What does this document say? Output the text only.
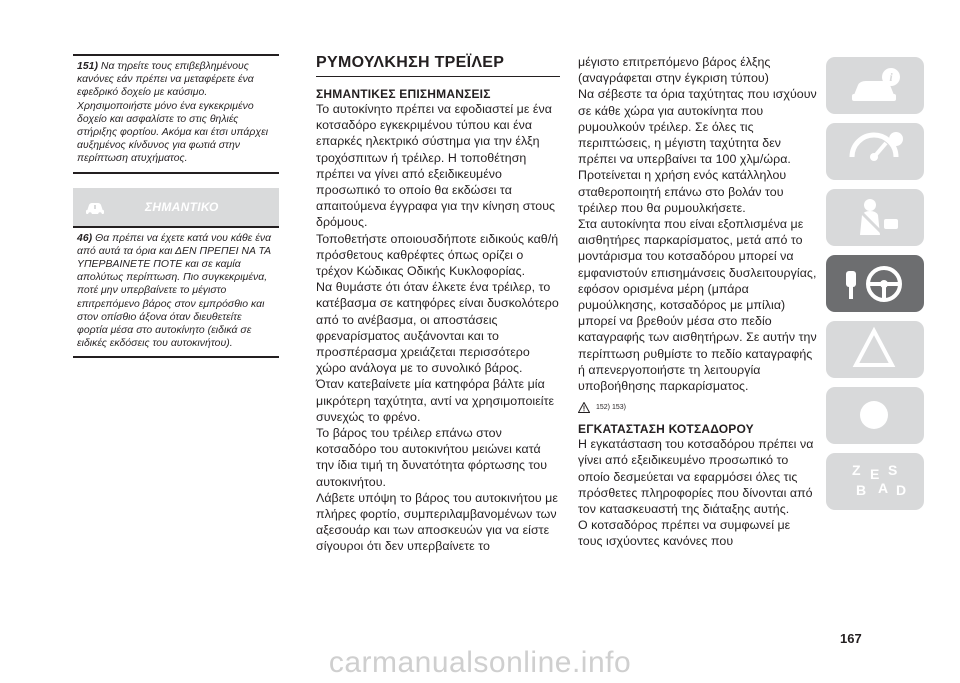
151) Να τηρείτε τους επιβεβλημένους κανόνες εάν πρέπει να μεταφέρετε ένα εφεδρικό δοχείο με καύσιμο. Χρησιμοποιήστε μόνο ένα εγκεκριμένο δοχείο και ασφαλίστε το στις θηλιές στήριξης φορτίου. Ακόμα και έτσι υπάρχει αυξημένος κίνδυνος για φωτιά στην περίπτωση ατυχήματος.
ΣΗΜΑΝΤΙΚΟ
46) Θα πρέπει να έχετε κατά νου κάθε ένα από αυτά τα όρια και ΔΕΝ ΠΡΕΠΕΙ ΝΑ ΤΑ ΥΠΕΡΒΑΙΝΕΤΕ ΠΟΤΕ και σε καμία απολύτως περίπτωση. Πιο συγκεκριμένα, ποτέ μην υπερβαίνετε το μέγιστο επιτρεπόμενο βάρος στον εμπρόσθιο και στον οπίσθιο άξονα όταν διευθετείτε φορτία μέσα στο αυτοκίνητο (ειδικά σε ειδικές εκδόσεις του αυτοκινήτου).
ΡΥΜΟΥΛΚΗΣΗ ΤΡΕΪΛΕΡ
ΣΗΜΑΝΤΙΚΕΣ ΕΠΙΣΗΜΑΝΣΕΙΣ

Το αυτοκίνητο πρέπει να εφοδιαστεί με ένα κοτσαδόρο εγκεκριμένου τύπου και ένα επαρκές ηλεκτρικό σύστημα για την έλξη τροχόσπιτων ή τρέιλερ. Η τοποθέτηση πρέπει να γίνει από εξειδικευμένο προσωπικό το οποίο θα εκδώσει τα απαιτούμενα έγγραφα για την κίνηση στους δρόμους.

Τοποθετήστε οποιουσδήποτε ειδικούς καθ/ή πρόσθετους καθρέφτες όπως ορίζει ο τρέχον Κώδικας Οδικής Κυκλοφορίας.

Να θυμάστε ότι όταν έλκετε ένα τρέιλερ, το κατέβασμα σε κατηφόρες είναι δυσκολότερο από το ανέβασμα, οι αποστάσεις φρεναρίσματος αυξάνονται και το προσπέρασμα χρειάζεται περισσότερο χώρο ανάλογα με το συνολικό βάρος.

Όταν κατεβαίνετε μία κατηφόρα βάλτε μία μικρότερη ταχύτητα, αντί να χρησιμοποιείτε συνεχώς το φρένο.

Το βάρος του τρέιλερ επάνω στον κοτσαδόρο του αυτοκινήτου μειώνει κατά την ίδια τιμή τη δυνατότητα φόρτωσης του αυτοκινήτου.

Λάβετε υπόψη το βάρος του αυτοκινήτου με πλήρες φορτίο, συμπεριλαμβανομένων των αξεσουάρ και των αποσκευών για να είστε σίγουροι ότι δεν υπερβαίνετε το

μέγιστο επιτρεπόμενο βάρος έλξης (αναγράφεται στην έγκριση τύπου)

Να σέβεστε τα όρια ταχύτητας που ισχύουν σε κάθε χώρα για αυτοκίνητα που ρυμουλκούν τρέιλερ. Σε όλες τις περιπτώσεις, η μέγιστη ταχύτητα δεν πρέπει να υπερβαίνει τα 100 χλμ/ώρα.

Προτείνεται η χρήση ενός κατάλληλου σταθεροποιητή επάνω στο βολάν του τρέιλερ που θα ρυμουλκήσετε.

Στα αυτοκίνητα που είναι εξοπλισμένα με αισθητήρες παρκαρίσματος, μετά από το μοντάρισμα του κοτσαδόρου μπορεί να εμφανιστούν επισημάνσεις δυσλειτουργίας, εφόσον ορισμένα μέρη (μπάρα ρυμούλκησης, κοτσαδόρος με μπίλια) μπορεί να βρεθούν μέσα στο πεδίο καταγραφής των αισθητήρων. Σε αυτήν την περίπτωση ρυθμίστε το πεδίο καταγραφής ή απενεργοποιήστε τη λειτουργία υποβοήθησης παρκαρίσματος.

152) 153)
ΕΓΚΑΤΑΣΤΑΣΗ ΚΟΤΣΑΔΟΡΟΥ

Η εγκατάσταση του κοτσαδόρου πρέπει να γίνει από εξειδικευμένο προσωπικό το οποίο δεσμεύεται να εφαρμόσει όλες τις πρόσθετες πληροφορίες που δίνονται από τον κατασκευαστή της διάταξης αυτής.

Ο κοτσαδόρος πρέπει να συμφωνεί με τους ισχύοντες κανόνες που

i
Z E S
B A D
167
carmanualsonline.info
